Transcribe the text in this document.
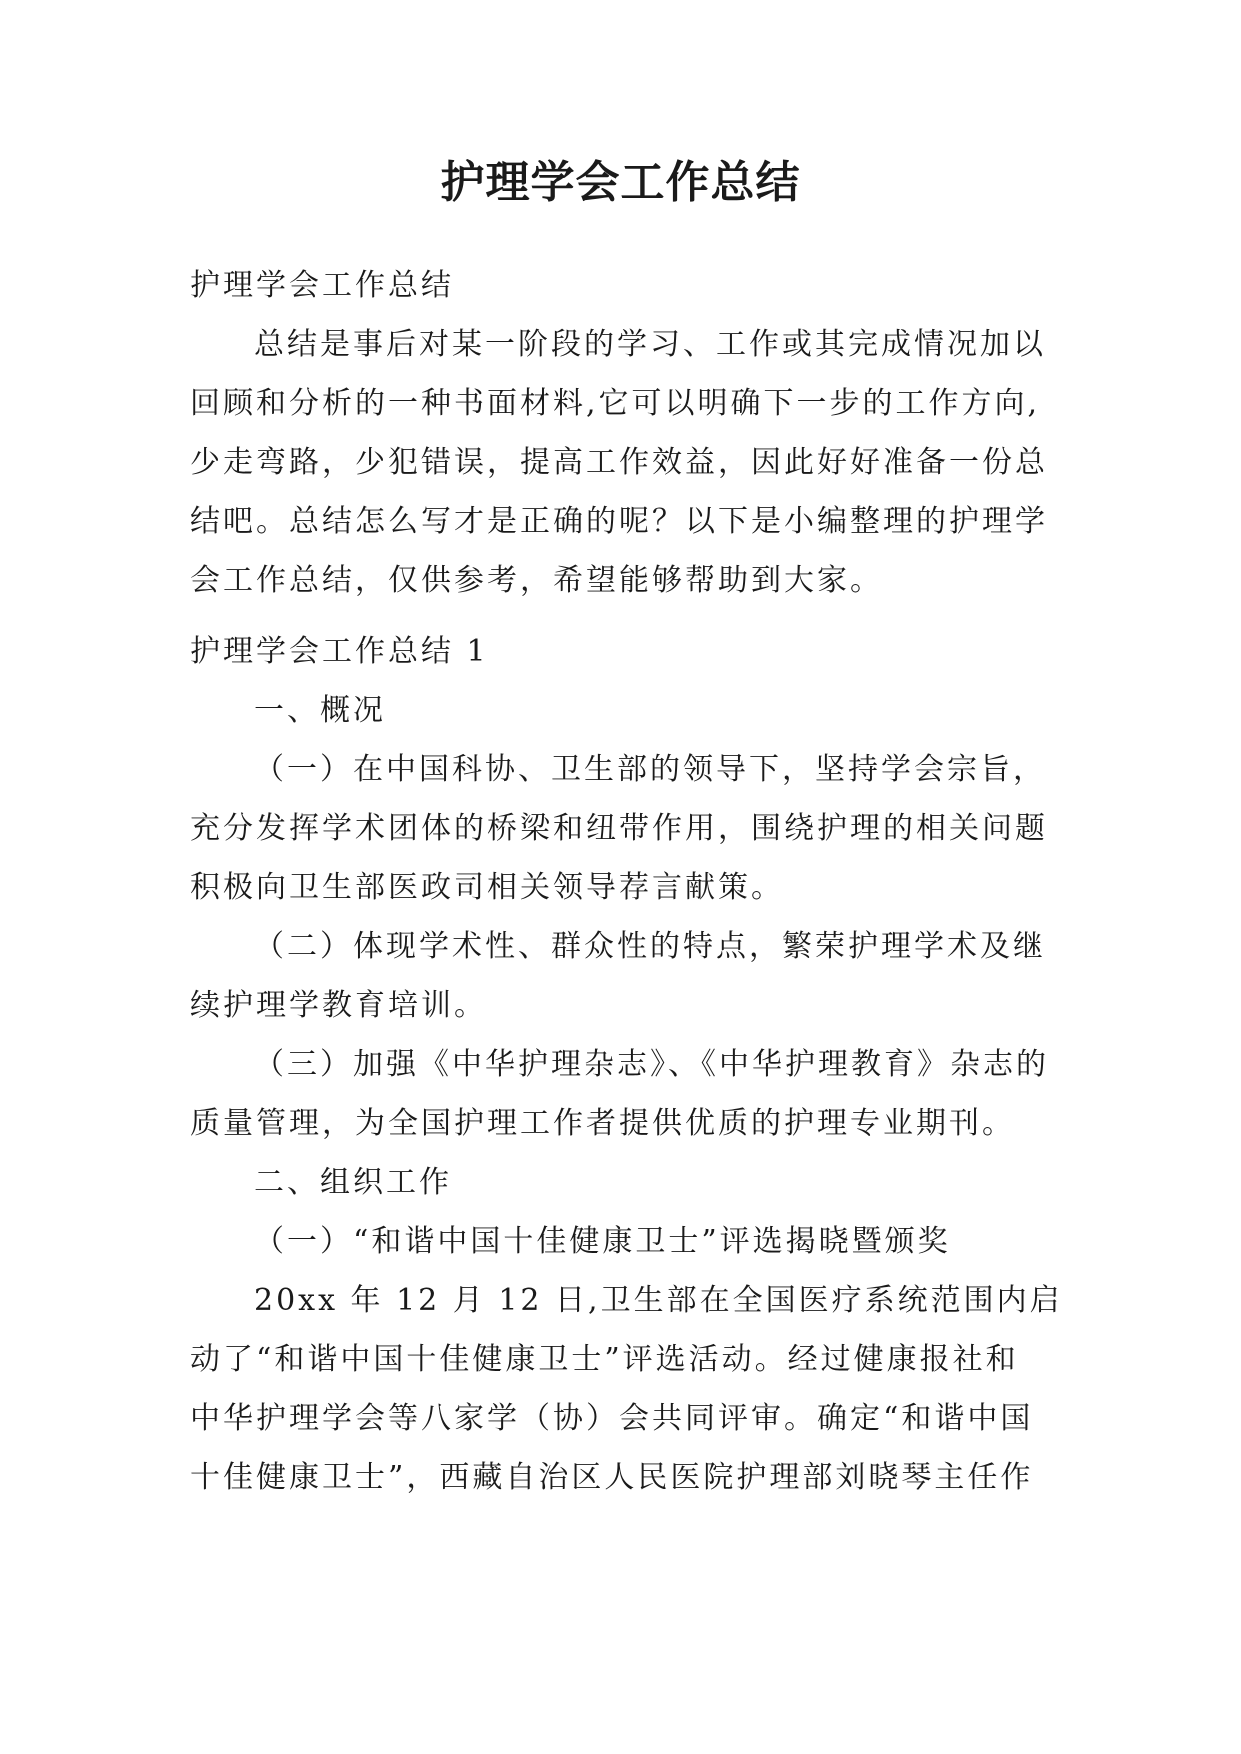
护理学会工作总结
护理学会工作总结
总结是事后对某一阶段的学习、工作或其完成情况加以
回顾和分析的一种书面材料,它可以明确下一步的工作方向,
少走弯路，少犯错误，提高工作效益，因此好好准备一份总
结吧。总结怎么写才是正确的呢？以下是小编整理的护理学
会工作总结，仅供参考，希望能够帮助到大家。
护理学会工作总结 1
一、概况
（一）在中国科协、卫生部的领导下，坚持学会宗旨，
充分发挥学术团体的桥梁和纽带作用，围绕护理的相关问题
积极向卫生部医政司相关领导荐言献策。
（二）体现学术性、群众性的特点，繁荣护理学术及继
续护理学教育培训。
（三）加强《中华护理杂志》、《中华护理教育》杂志的
质量管理，为全国护理工作者提供优质的护理专业期刊。
二、组织工作
（一）“和谐中国十佳健康卫士”评选揭晓暨颁奖
20xx 年 12 月 12 日,卫生部在全国医疗系统范围内启
动了“和谐中国十佳健康卫士”评选活动。经过健康报社和
中华护理学会等八家学（协）会共同评审。确定“和谐中国
十佳健康卫士”，西藏自治区人民医院护理部刘晓琴主任作
